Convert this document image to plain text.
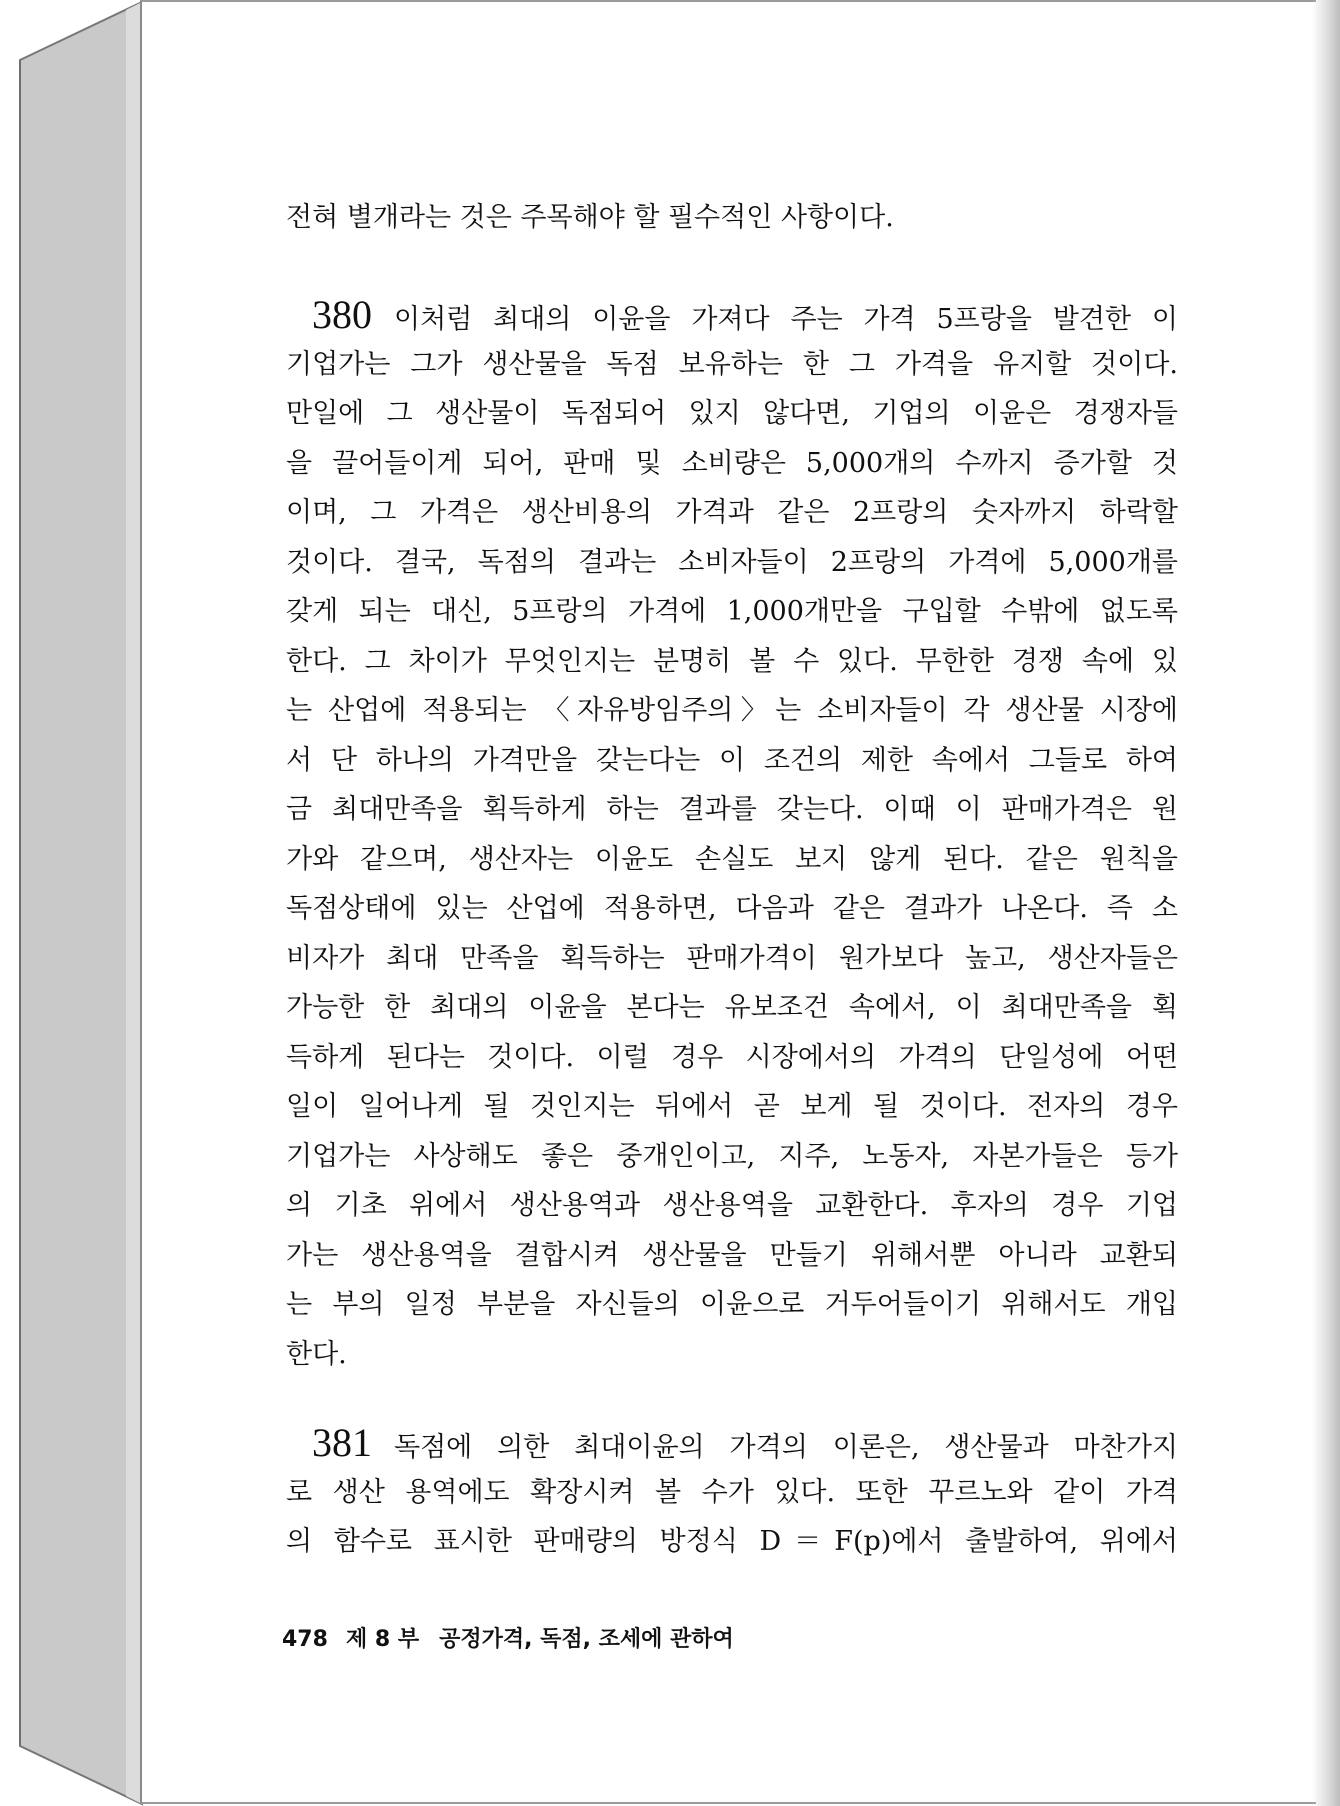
전혀 별개라는 것은 주목해야 할 필수적인 사항이다.
380 이처럼 최대의 이윤을 가져다 주는 가격 5프랑을 발견한 이
기업가는 그가 생산물을 독점 보유하는 한 그 가격을 유지할 것이다.
만일에 그 생산물이 독점되어 있지 않다면, 기업의 이윤은 경쟁자들
을 끌어들이게 되어, 판매 및 소비량은 5,000개의 수까지 증가할 것
이며, 그 가격은 생산비용의 가격과 같은 2프랑의 숫자까지 하락할
것이다. 결국, 독점의 결과는 소비자들이 2프랑의 가격에 5,000개를
갖게 되는 대신, 5프랑의 가격에 1,000개만을 구입할 수밖에 없도록
한다. 그 차이가 무엇인지는 분명히 볼 수 있다. 무한한 경쟁 속에 있
는 산업에 적용되는 〈자유방임주의〉는 소비자들이 각 생산물 시장에
서 단 하나의 가격만을 갖는다는 이 조건의 제한 속에서 그들로 하여
금 최대만족을 획득하게 하는 결과를 갖는다. 이때 이 판매가격은 원
가와 같으며, 생산자는 이윤도 손실도 보지 않게 된다. 같은 원칙을
독점상태에 있는 산업에 적용하면, 다음과 같은 결과가 나온다. 즉 소
비자가 최대 만족을 획득하는 판매가격이 원가보다 높고, 생산자들은
가능한 한 최대의 이윤을 본다는 유보조건 속에서, 이 최대만족을 획
득하게 된다는 것이다. 이럴 경우 시장에서의 가격의 단일성에 어떤
일이 일어나게 될 것인지는 뒤에서 곧 보게 될 것이다. 전자의 경우
기업가는 사상해도 좋은 중개인이고, 지주, 노동자, 자본가들은 등가
의 기초 위에서 생산용역과 생산용역을 교환한다. 후자의 경우 기업
가는 생산용역을 결합시켜 생산물을 만들기 위해서뿐 아니라 교환되
는 부의 일정 부분을 자신들의 이윤으로 거두어들이기 위해서도 개입
한다.
381 독점에 의한 최대이윤의 가격의 이론은, 생산물과 마찬가지
로 생산 용역에도 확장시켜 볼 수가 있다. 또한 꾸르노와 같이 가격
의 함수로 표시한 판매량의 방정식 D＝F(p)에서 출발하여, 위에서
478 제 8 부 공정가격, 독점, 조세에 관하여
